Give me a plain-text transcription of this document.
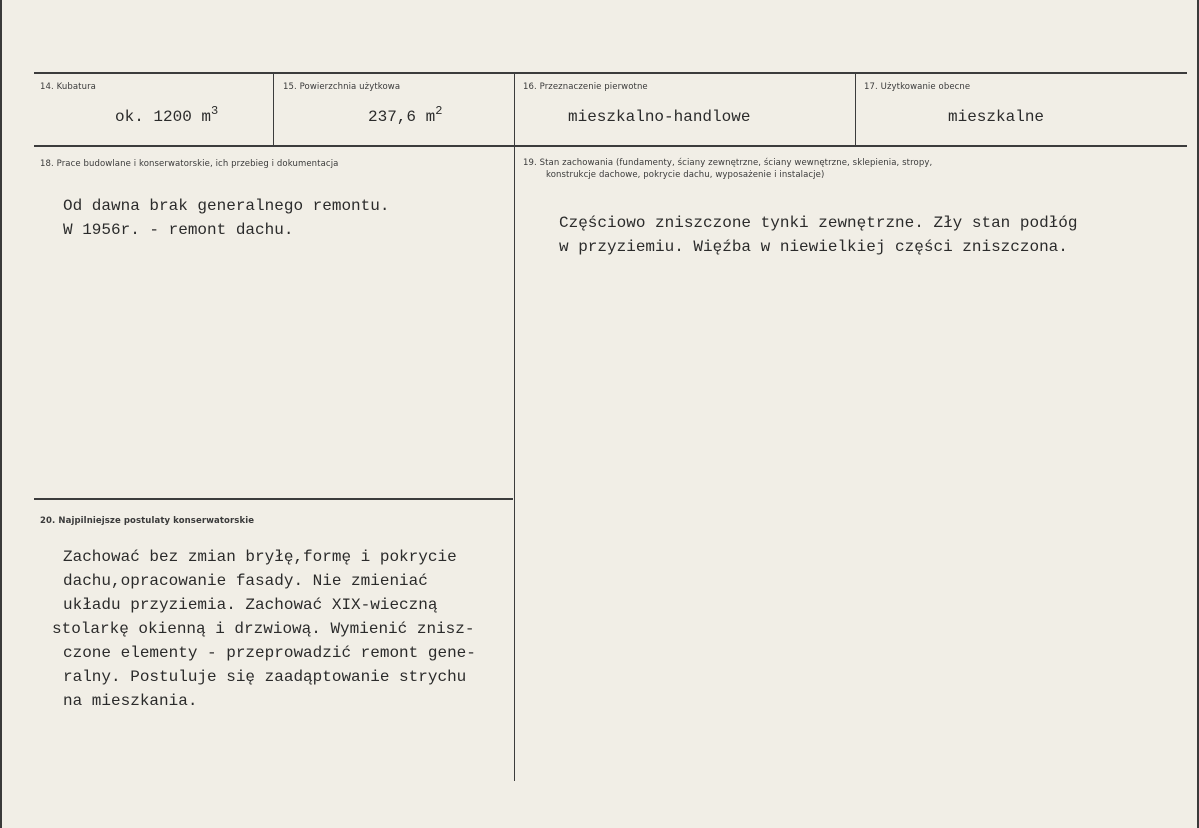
14. Kubatura
ok. 1200 $m^3$
15. Powierzchnia użytkowa
237,6 $m^2$
16. Przeznaczenie pierwotne
mieszkalno-handlowe
17. Użytkowanie obecne
mieszkalne
18. Prace budowlane i konserwatorskie, ich przebieg i dokumentacja
Od dawna brak generalnego remontu.
W 1956r. - remont dachu.
19. Stan zachowania (fundamenty, ściany zewnętrzne, ściany wewnętrzne, sklepienia, stropy,
konstrukcje dachowe, pokrycie dachu, wyposażenie i instalacje)
Częściowo zniszczone tynki zewnętrzne. Zły stan podłóg
w przyziemiu. Więźba w niewielkiej części zniszczona.
20. Najpilniejsze postulaty konserwatorskie
Zachować bez zmian bryłę,formę i pokrycie
dachu,opracowanie fasady. Nie zmieniać
układu przyziemia. Zachować XIX-wieczną
stolarkę okienną i drzwiową. Wymienić znisz-
czone elementy - przeprowadzić remont gene-
ralny. Postuluje się zaadąptowanie strychu
na mieszkania.
